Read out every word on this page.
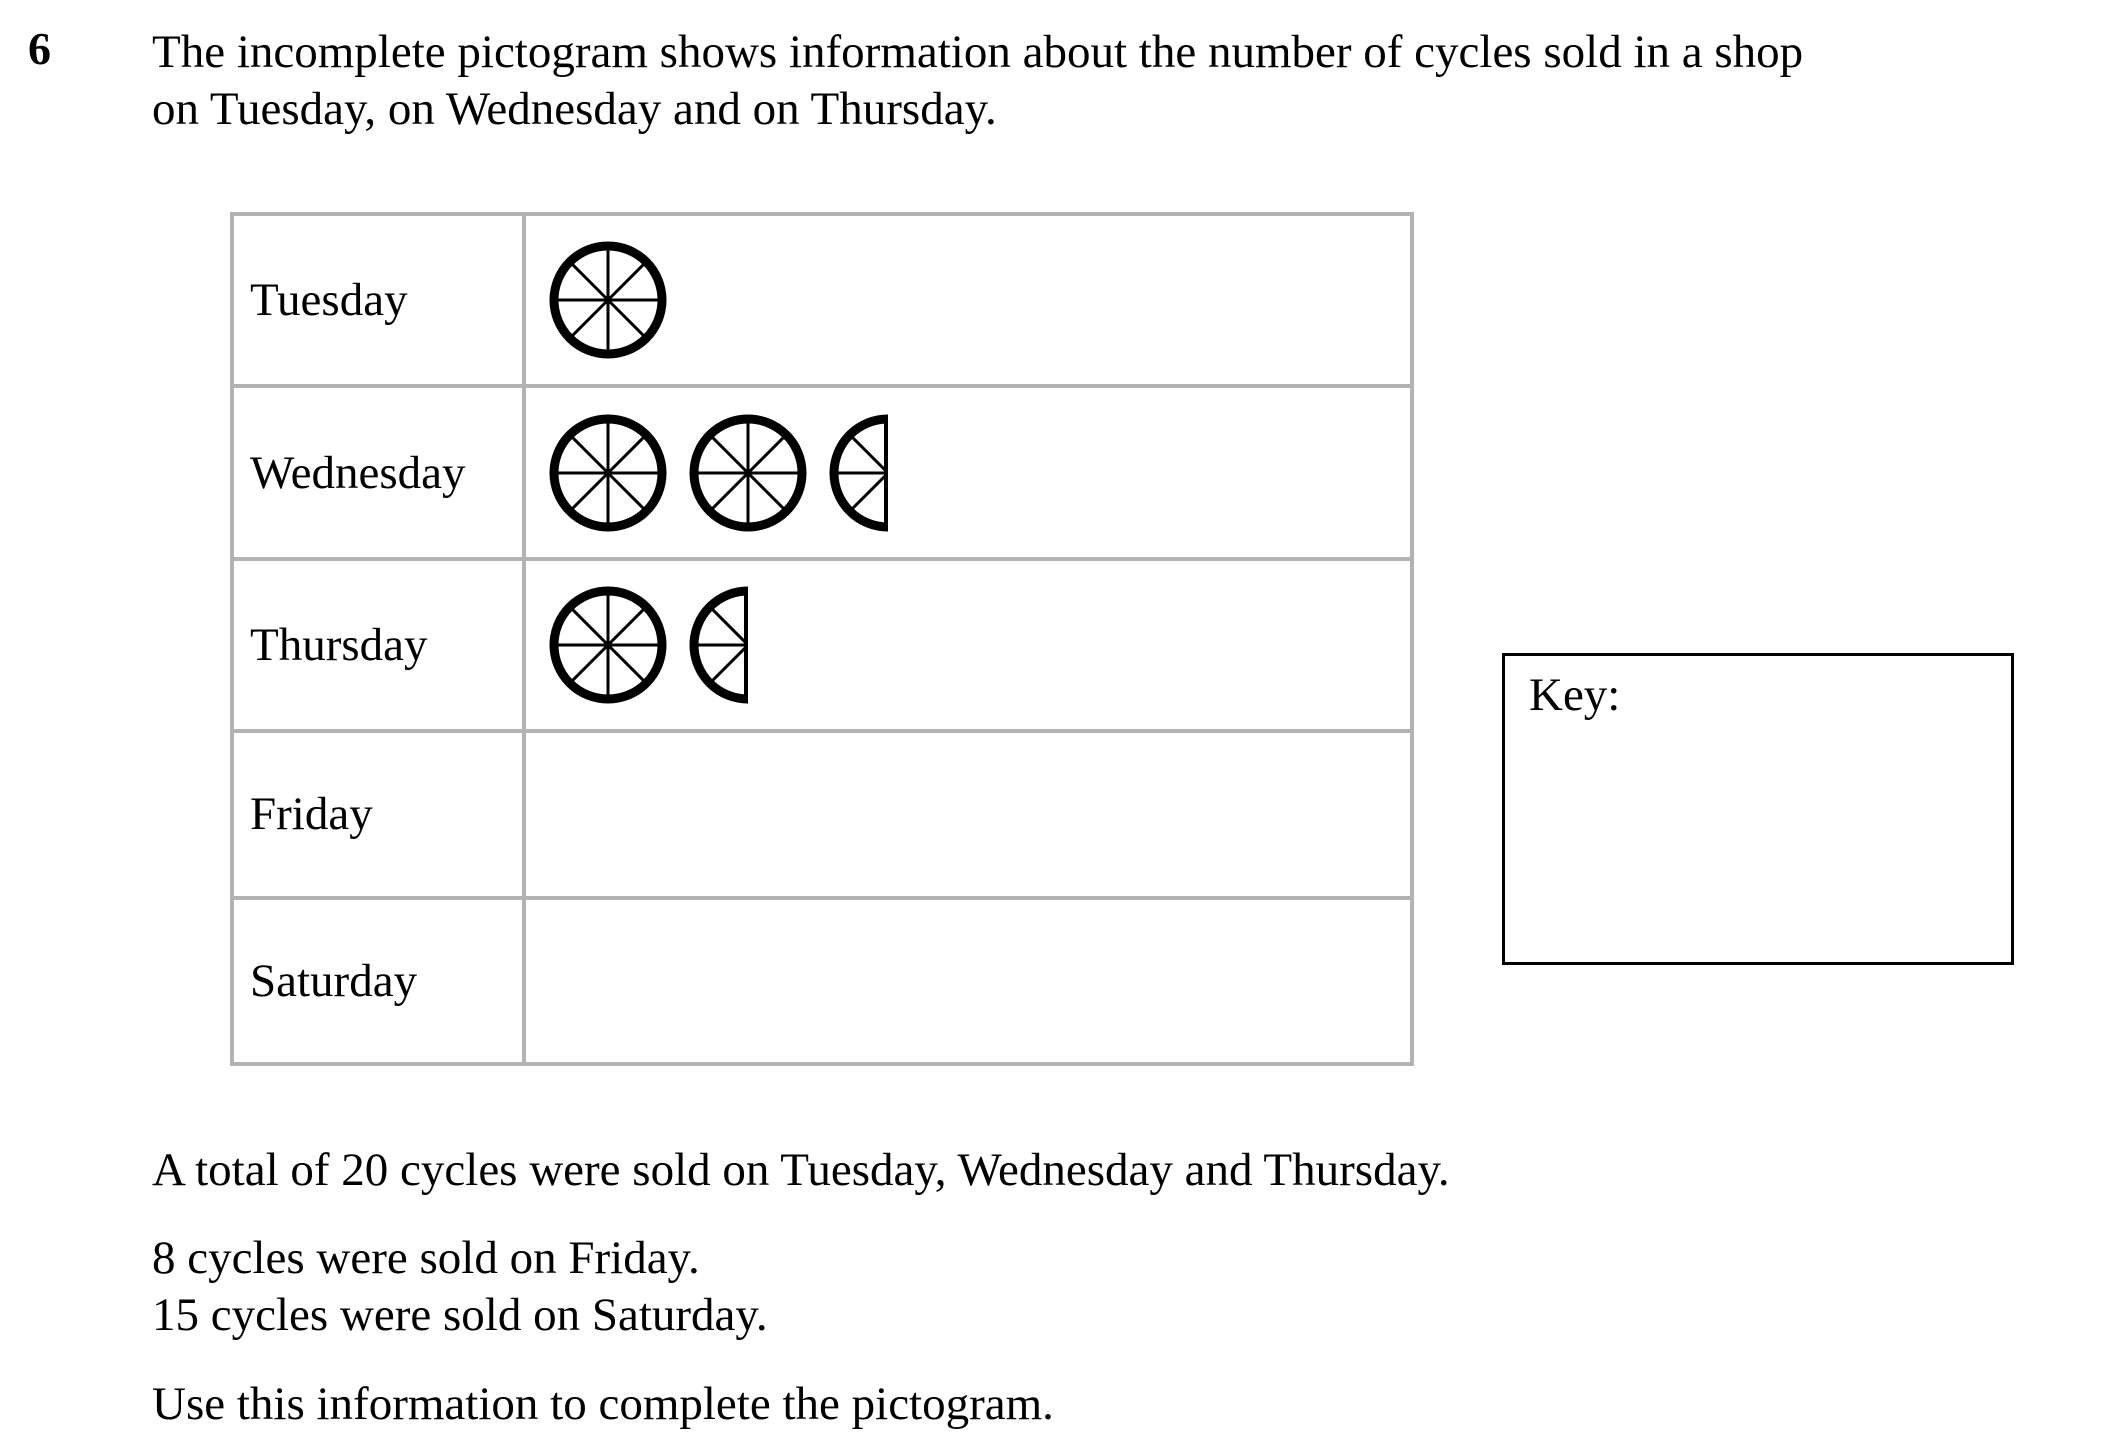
6 The incomplete pictogram shows information about the number of cycles sold in a shop
on Tuesday, on Wednesday and on Thursday.
Tuesday	

Wednesday	

Thursday	

Friday	

Saturday	
Key:
A total of 20 cycles were sold on Tuesday, Wednesday and Thursday.
8 cycles were sold on Friday.
15 cycles were sold on Saturday.
Use this information to complete the pictogram.
